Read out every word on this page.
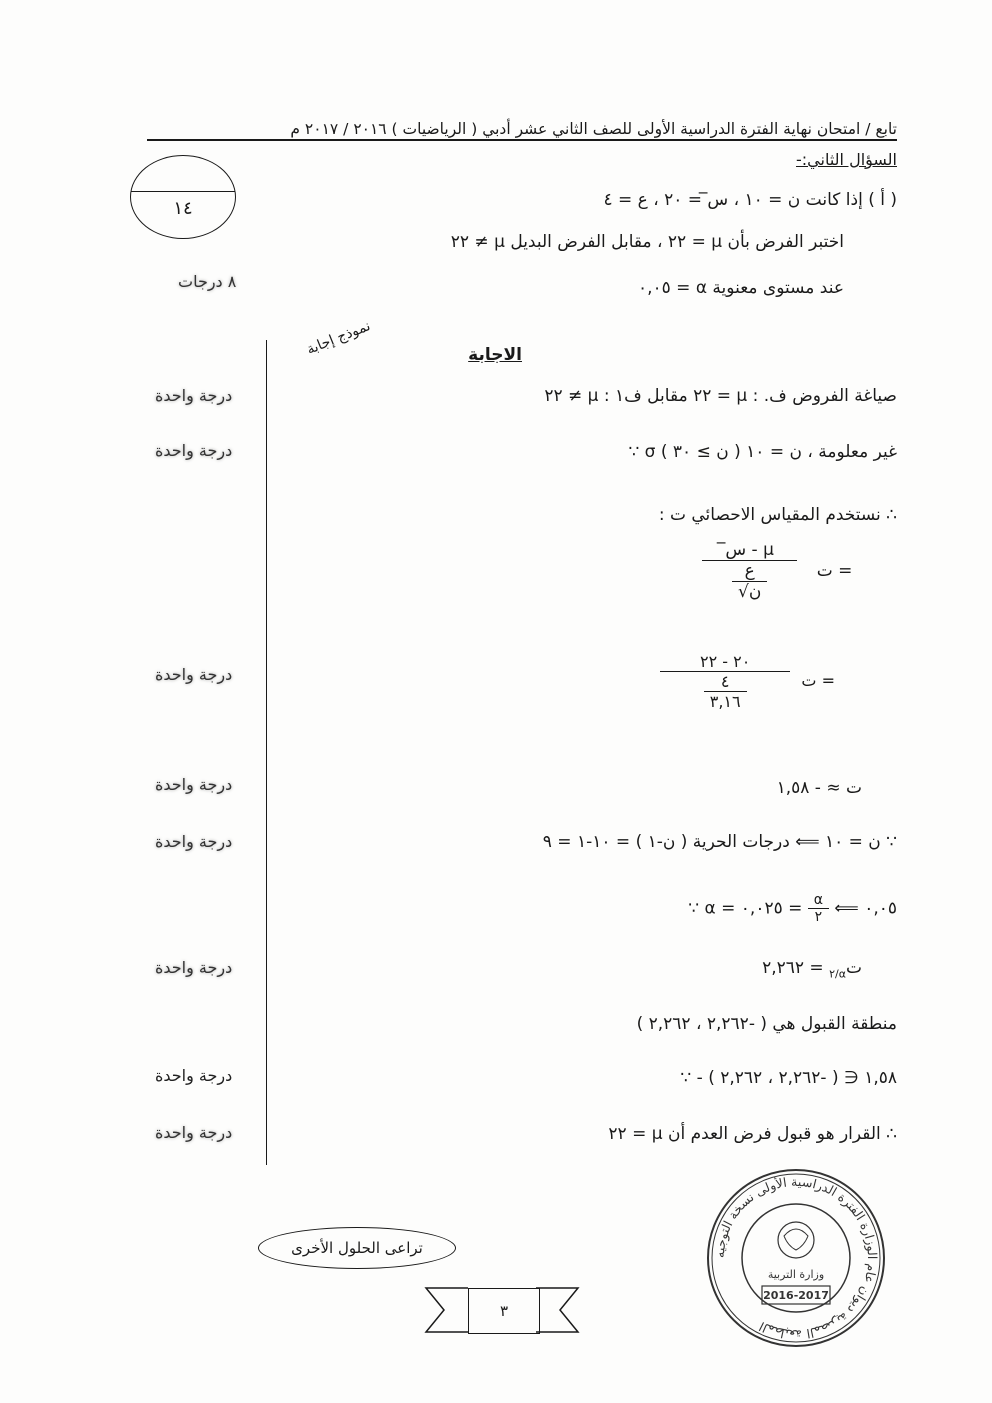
تابع / امتحان نهاية الفترة الدراسية الأولى للصف الثاني عشر أدبي ( الرياضيات ) ٢٠١٦ / ٢٠١٧ م
السؤال الثاني:-
١٤	( أ ) إذا كانت ن = ١٠ ، س̅ = ٢٠ ، ع = ٤
اختبر الفرض بأن μ = ٢٢ ، مقابل الفرض البديل μ ≠ ٢٢
عند مستوى معنوية α = ٠,٠٥
٨ درجات
نموذج إجابة	الاجابة
صياغة الفروض ف. : μ = ٢٢ مقابل ف١ : μ ≠ ٢٢
درجة واحدة
∵ σ غير معلومة ، ن = ١٠ ( ن ≥ ٣٠ )
درجة واحدة
∴ نستخدم المقياس الاحصائي ت :
$\frac{\text{س̅ - μ}}{\frac{\text{ع}}{\text{√ن}}}$ ت =
$\frac{٢٠ - ٢٢}{\frac{٤}{٣,١٦}}$ ت =
درجة واحدة
ت ≈ - ١,٥٨
درجة واحدة
∵ ن = ١٠ ⟸ درجات الحرية ( ن-١ ) = ١٠-١ = ٩
درجة واحدة
∵ α = ٠,٠٥ ⟸
$\frac{\alpha}{٢}$
= ٠,٠٢٥
ت$_{\alpha/٢}$ = ٢,٢٦٢
درجة واحدة
منطقة القبول هي ( -٢,٢٦٢ ، ٢,٢٦٢ )
∵ - ١,٥٨ ∈ ( -٢,٢٦٢ ، ٢,٢٦٢ )
درجة واحدة
∴ القرار هو قبول فرض العدم أن μ = ٢٢
درجة واحدة
تراعى الحلول الأخرى
٣
المطبعة المصرية ديوان عام الوزارة الفترة الدراسية الأولى نسخة التوجيه
وزارة التربية
2016-2017
